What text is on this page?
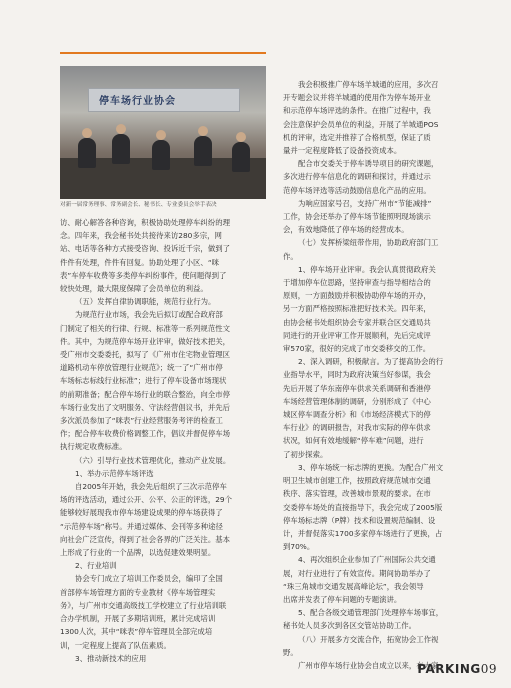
停车场行业协会
对新一届常务理事、常务副会长、秘书长、专业委员会举手表决

访、耐心解答各种咨询，积极协助处理停车纠纷的理

念。四年来，我会秘书处共接待来访280多宗，网

站、电话等各种方式接受咨询、投诉近千宗，做到了

件件有处理，件件有回复。协助处理了小区、“咪

表”车停车收费等多类停车纠纷事件，使问题得到了

较快处理，最大限度保障了会员单位的利益。

（五）发挥自律协调职能，规范行业行为。

为规范行业市场，我会先后拟订或配合政府部

门制定了相关的行律、行规、标准等一系列规范性文

件。其中，为规范停车场开业评审，做好技术把关，

受广州市交委委托，拟写了《广州市住宅物业管理区

道路机动车停放管理行业规范》；统一了“广州市停

车场标志标线行业标准”；进行了停车设备市场现状

的前期准备；配合停车场行业的联合整治，向全市停

车场行业发出了文明服务、守法经营倡议书，并先后

多次派员参加了“咪表”行业经营服务考评的检查工

作；配合停车收费价格调整工作，倡议并督促停车场

执行规定收费标准。

（六）引导行业技术管理优化，推动产业发展。

1、举办示范停车场评选

自2005年开始，我会先后组织了三次示范停车

场的评选活动，通过公开、公平、公正的评选，29个

能够较好展现我市停车场建设成果的停车场获得了

“示范停车场”称号。并通过媒体、会刊等多种途径

向社会广泛宣传，得到了社会各界的广泛关注。基本

上形成了行业的一个品牌，以选促建效果明显。

2、行业培训

协会专门成立了培训工作委员会，编印了全国

首部停车场管理方面的专业教材《停车场管理实

务》，与广州市交通高级技工学校建立了行业培训联

合办学机制，开展了多期培训班，累计完成培训

1300人次，其中“咪表”停车管理员全部完成培

训，一定程度上提高了队伍素质。

3、推动新技术的应用

我会积极推广停车场羊城通的应用，多次召

开专题会议并将羊城通的使用作为停车场开业

和示范停车场评选的条件。在推广过程中，我

会注意保护会员单位的利益，开展了羊城通POS

机的评审，选定并推荐了合格机型，保证了质

量并一定程度降低了设备投资成本。

配合市交委关于停车诱导项目的研究课题，

多次进行停车信息化的调研和探讨，并通过示

范停车场评选等活动鼓励信息化产品的应用。

为响应国家号召，支持广州市“节能减排”

工作，协会还举办了停车场节能照明现场演示

会，有效地降低了停车场的经营成本。

（七）发挥桥梁纽带作用，协助政府部门工

作。

1、停车场开业评审。我会认真贯彻政府关

于增加停车位思路，坚持审查与指导相结合的

原则，一方面鼓励并积极协助停车场的开办，

另一方面严格按照标准把好技术关。四年来，

由协会秘书处组织协会专家并联合区交通局共

同进行的开业评审工作开展顺利，先后完成评

审570家，很好的完成了市交委移交的工作。

2、深入调研，积极献言。为了提高协会的行

业指导水平，同时为政府决策当好参谋，我会

先后开展了华东南停车供求关系调研和香港停

车场经营管理体制的调研，分别形成了《中心

城区停车调查分析》和《市场经济模式下的停

车行业》的调研报告，对我市实际的停车供求

状况，如何有效地缓解“停车难”问题，进行

了初步探索。

3、停车场统一标志牌的更换。为配合广州文

明卫生城市创建工作，按照政府规范城市交通

秩序、落实管理，改善城市景观的要求。在市

交委停车场处的直接指导下，我会完成了2005版

停车场标志牌（P牌）技术和设置规范编制、设

计，并督促落实1700多家停车场进行了更换，占

到70%。

4、再次组织企业参加了广州国际公共交通

展，对行业进行了有效宣传。期间协助举办了

“珠三角城市交通发展高峰论坛”，我会领导

出席并发表了停车问题的专题演讲。

5、配合各级交通管理部门处理停车场事宜，

秘书处人员多次到各区交管站协助工作。

（八）开展多方交流合作，拓宽协会工作视

野。

广州市停车场行业协会自成立以来，在大家

PARKING09
